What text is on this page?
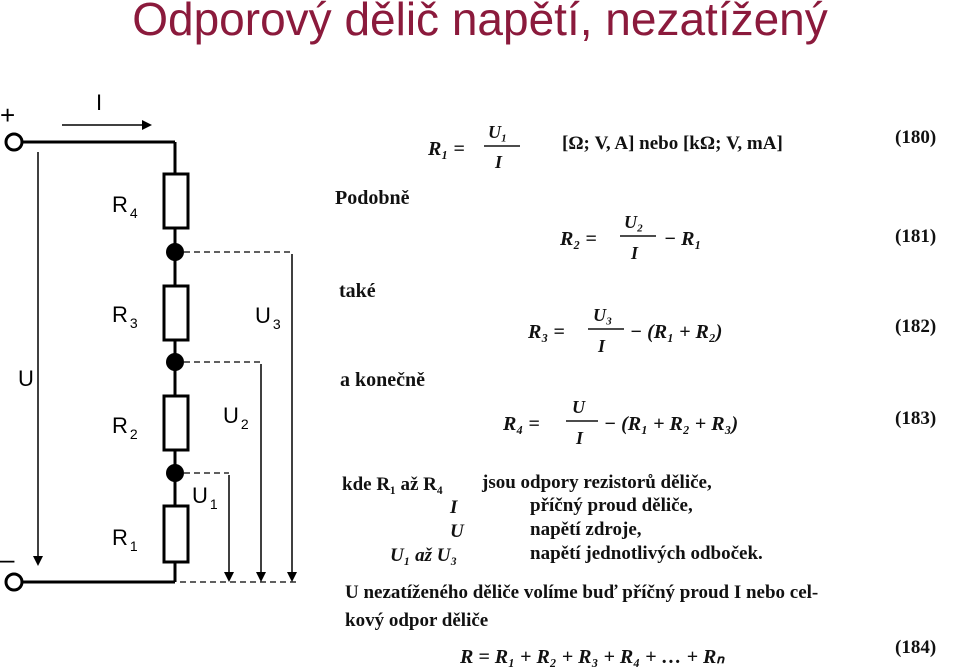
Odporový dělič napětí, nezatížený
+
–
I
U
R $_4$
R $_3$
R $_2$
R $_1$
U $_3$
U $_2$
U $_1$
R₁ =
U₁
I
[Ω; V, A] nebo [kΩ; V, mA]	(180)
Podobně
R₂ =
U₂
I
− R₁	(181)
také
R₃ =
U₃
I
− (R₁ + R₂)	(182)
a konečně
R₄ =
U
I
− (R₁ + R₂ + R₃)	(183)
kde R₁ až R₄ jsou odpory rezistorů děliče,
I	příčný proud děliče,
U	napětí zdroje,
U₁ až U₃	napětí jednotlivých odboček.
U nezatíženého děliče volíme buď příčný proud I nebo cel-
kový odpor děliče
R = R₁ + R₂ + R₃ + R₄ + … + Rₙ	(184)
